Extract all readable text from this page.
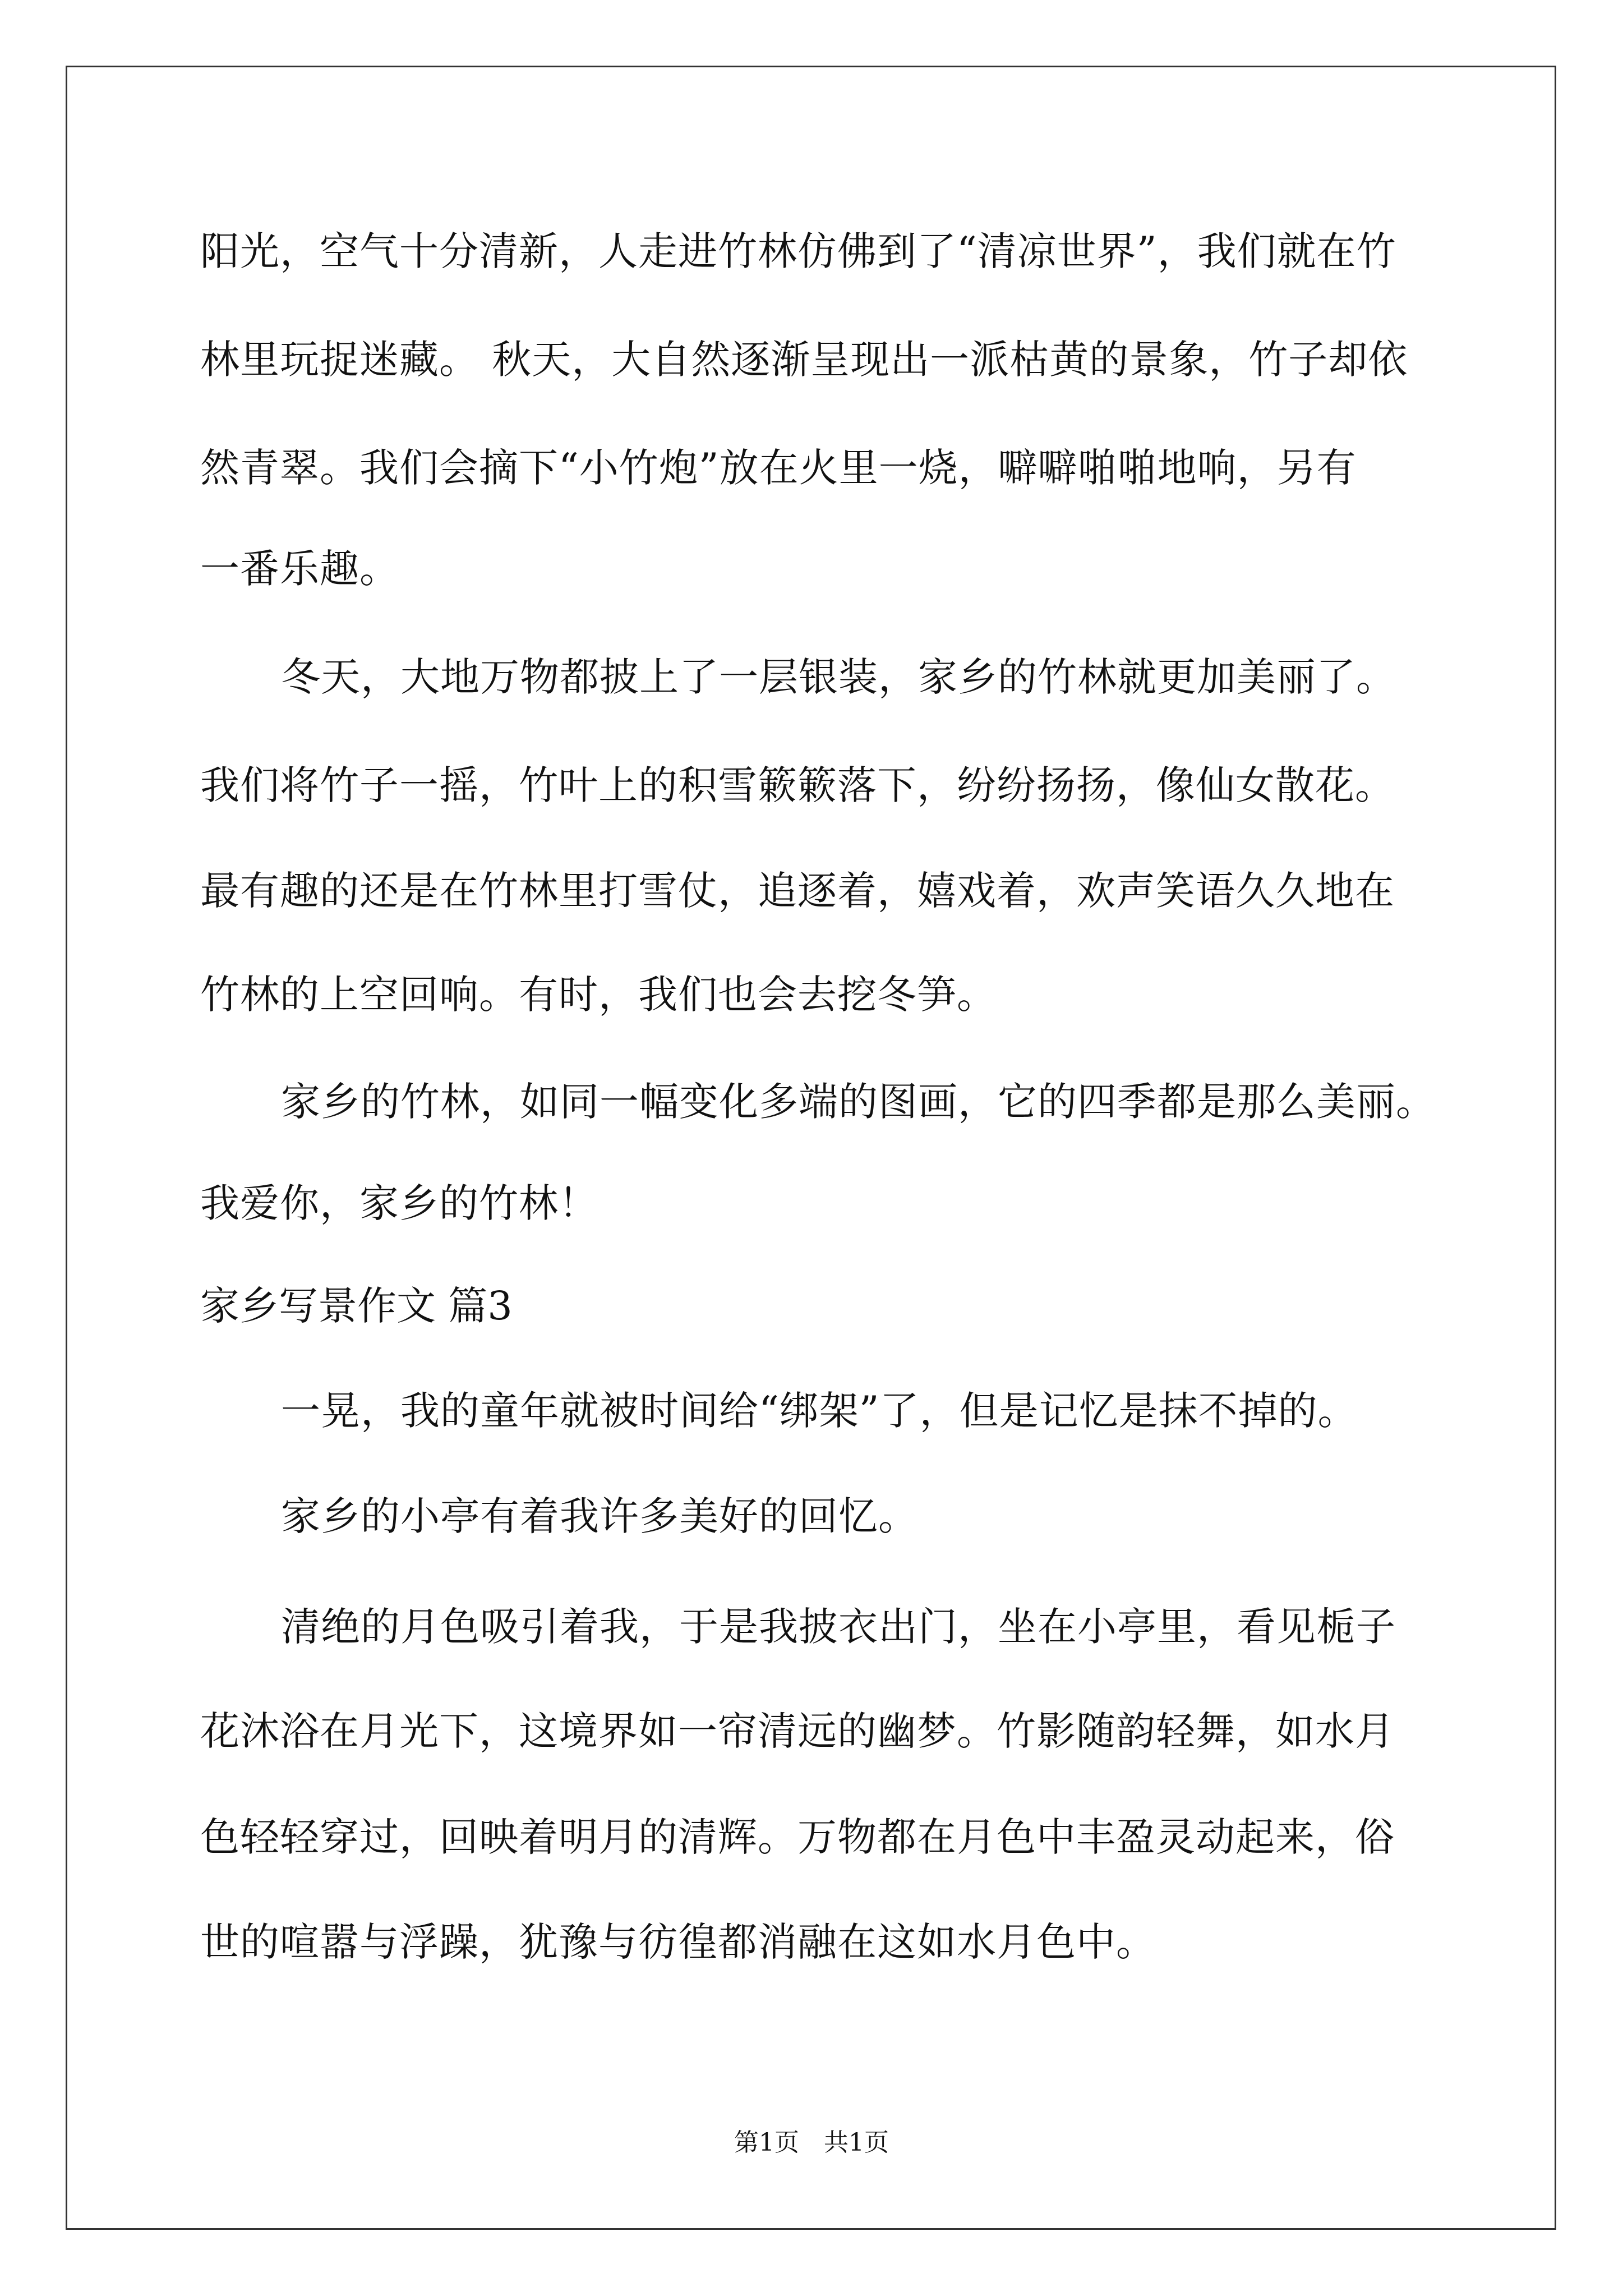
阳光，空气十分清新，人走进竹林仿佛到了“清凉世界”，我们就在竹
林里玩捉迷藏。 秋天，大自然逐渐呈现出一派枯黄的景象，竹子却依
然青翠。我们会摘下“小竹炮”放在火里一烧，噼噼啪啪地响，另有
一番乐趣。
冬天，大地万物都披上了一层银装，家乡的竹林就更加美丽了。
我们将竹子一摇，竹叶上的积雪簌簌落下，纷纷扬扬，像仙女散花。
最有趣的还是在竹林里打雪仗，追逐着，嬉戏着，欢声笑语久久地在
竹林的上空回响。有时，我们也会去挖冬笋。
家乡的竹林，如同一幅变化多端的图画，它的四季都是那么美丽。
我爱你，家乡的竹林！
家乡写景作文 篇3
一晃，我的童年就被时间给“绑架”了，但是记忆是抹不掉的。
家乡的小亭有着我许多美好的回忆。
清绝的月色吸引着我，于是我披衣出门，坐在小亭里，看见栀子
花沐浴在月光下，这境界如一帘清远的幽梦。竹影随韵轻舞，如水月
色轻轻穿过，回映着明月的清辉。万物都在月色中丰盈灵动起来，俗
世的喧嚣与浮躁，犹豫与彷徨都消融在这如水月色中。
第1页　共1页
